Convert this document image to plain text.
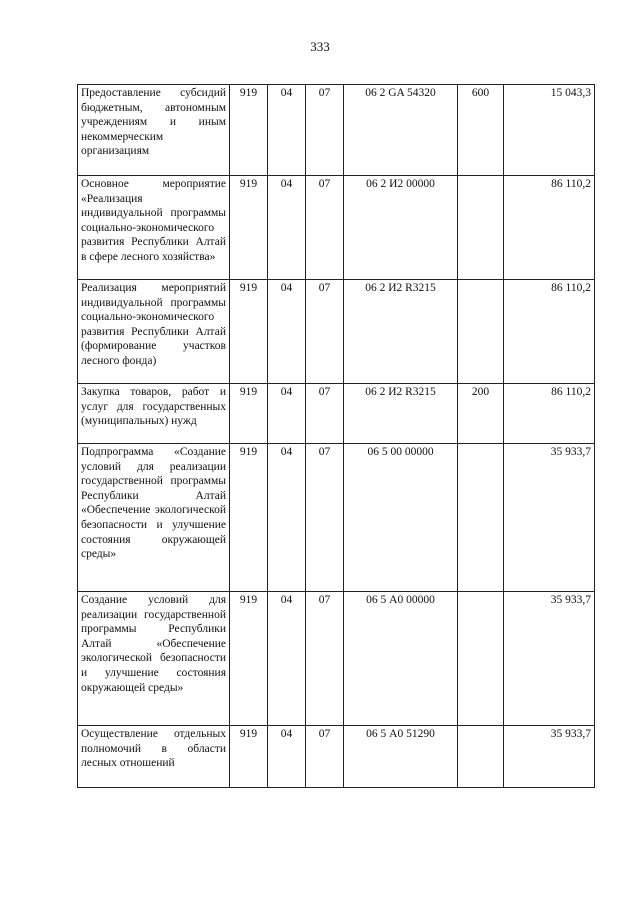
333
Предоставление субсидий бюджетным, автономным учреждениям и иным некоммерческим организациям	919	04	07	06 2 GA 54320	600	15 043,3
Основное мероприятие «Реализация индивидуальной программы социально-экономического развития Республики Алтай в сфере лесного хозяйства»	919	04	07	06 2 И2 00000		86 110,2
Реализация мероприятий индивидуальной программы социально-экономического развития Республики Алтай (формирование участков лесного фонда)	919	04	07	06 2 И2 R3215		86 110,2
Закупка товаров, работ и услуг для государственных (муниципальных) нужд	919	04	07	06 2 И2 R3215	200	86 110,2
Подпрограмма «Создание условий для реализации государственной программы Республики Алтай «Обеспечение экологической безопасности и улучшение состояния окружающей среды»	919	04	07	06 5 00 00000		35 933,7
Создание условий для реализации государственной программы Республики Алтай «Обеспечение экологической безопасности и улучшение состояния окружающей среды»	919	04	07	06 5 А0 00000		35 933,7
Осуществление отдельных полномочий в области лесных отношений	919	04	07	06 5 А0 51290		35 933,7
